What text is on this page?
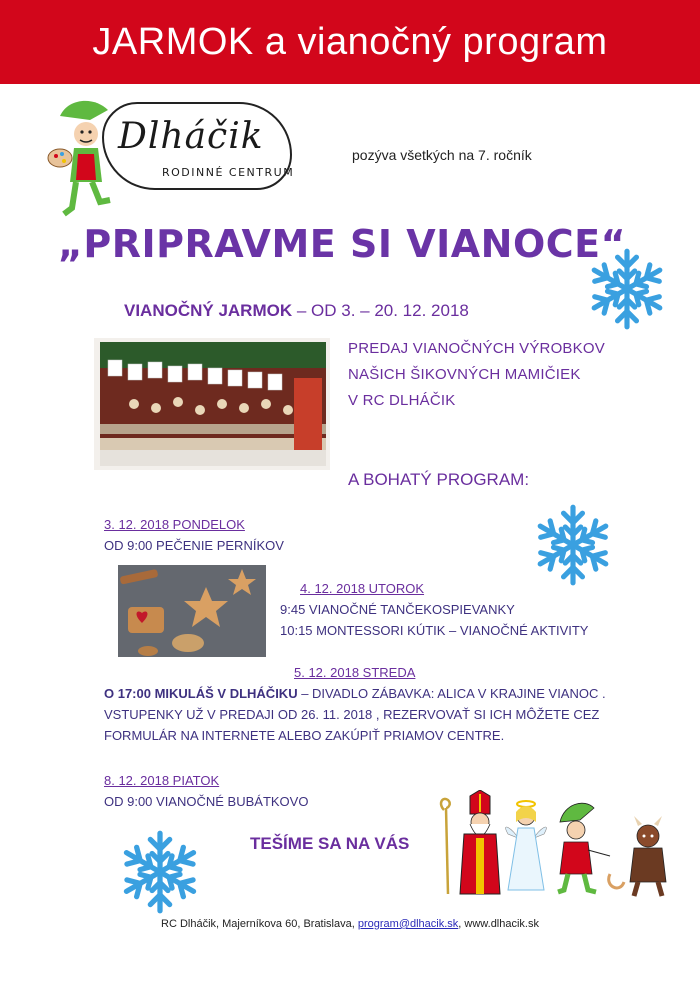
JARMOK a vianočný program
Dlháčik
RODINNÉ CENTRUM
pozýva všetkých na 7. ročník
„PRIPRAVME SI VIANOCE“
VIANOČNÝ JARMOK – OD 3. – 20. 12. 2018
PREDAJ VIANOČNÝCH VÝROBKOV
NAŠICH ŠIKOVNÝCH MAMIČIEK
V RC DLHÁČIK
A BOHATÝ PROGRAM:
3. 12. 2018 PONDELOK
OD 9:00 PEČENIE PERNÍKOV
4. 12. 2018 UTOROK
9:45 VIANOČNÉ TANČEKOSPIEVANKY
10:15 MONTESSORI KÚTIK – VIANOČNÉ AKTIVITY
5. 12. 2018 STREDA
O 17:00 MIKULÁŠ V DLHÁČIKU – DIVADLO ZÁBAVKA: ALICA V KRAJINE VIANOC .
VSTUPENKY UŽ V PREDAJI OD 26. 11. 2018 , REZERVOVAŤ SI ICH MÔŽETE CEZ
FORMULÁR NA INTERNETE ALEBO ZAKÚPIŤ PRIAMOV CENTRE.
8. 12. 2018 PIATOK
OD 9:00 VIANOČNÉ BUBÁTKOVO
TEŠÍME SA NA VÁS
RC Dlháčik, Majerníkova 60, Bratislava, program@dlhacik.sk, www.dlhacik.sk
